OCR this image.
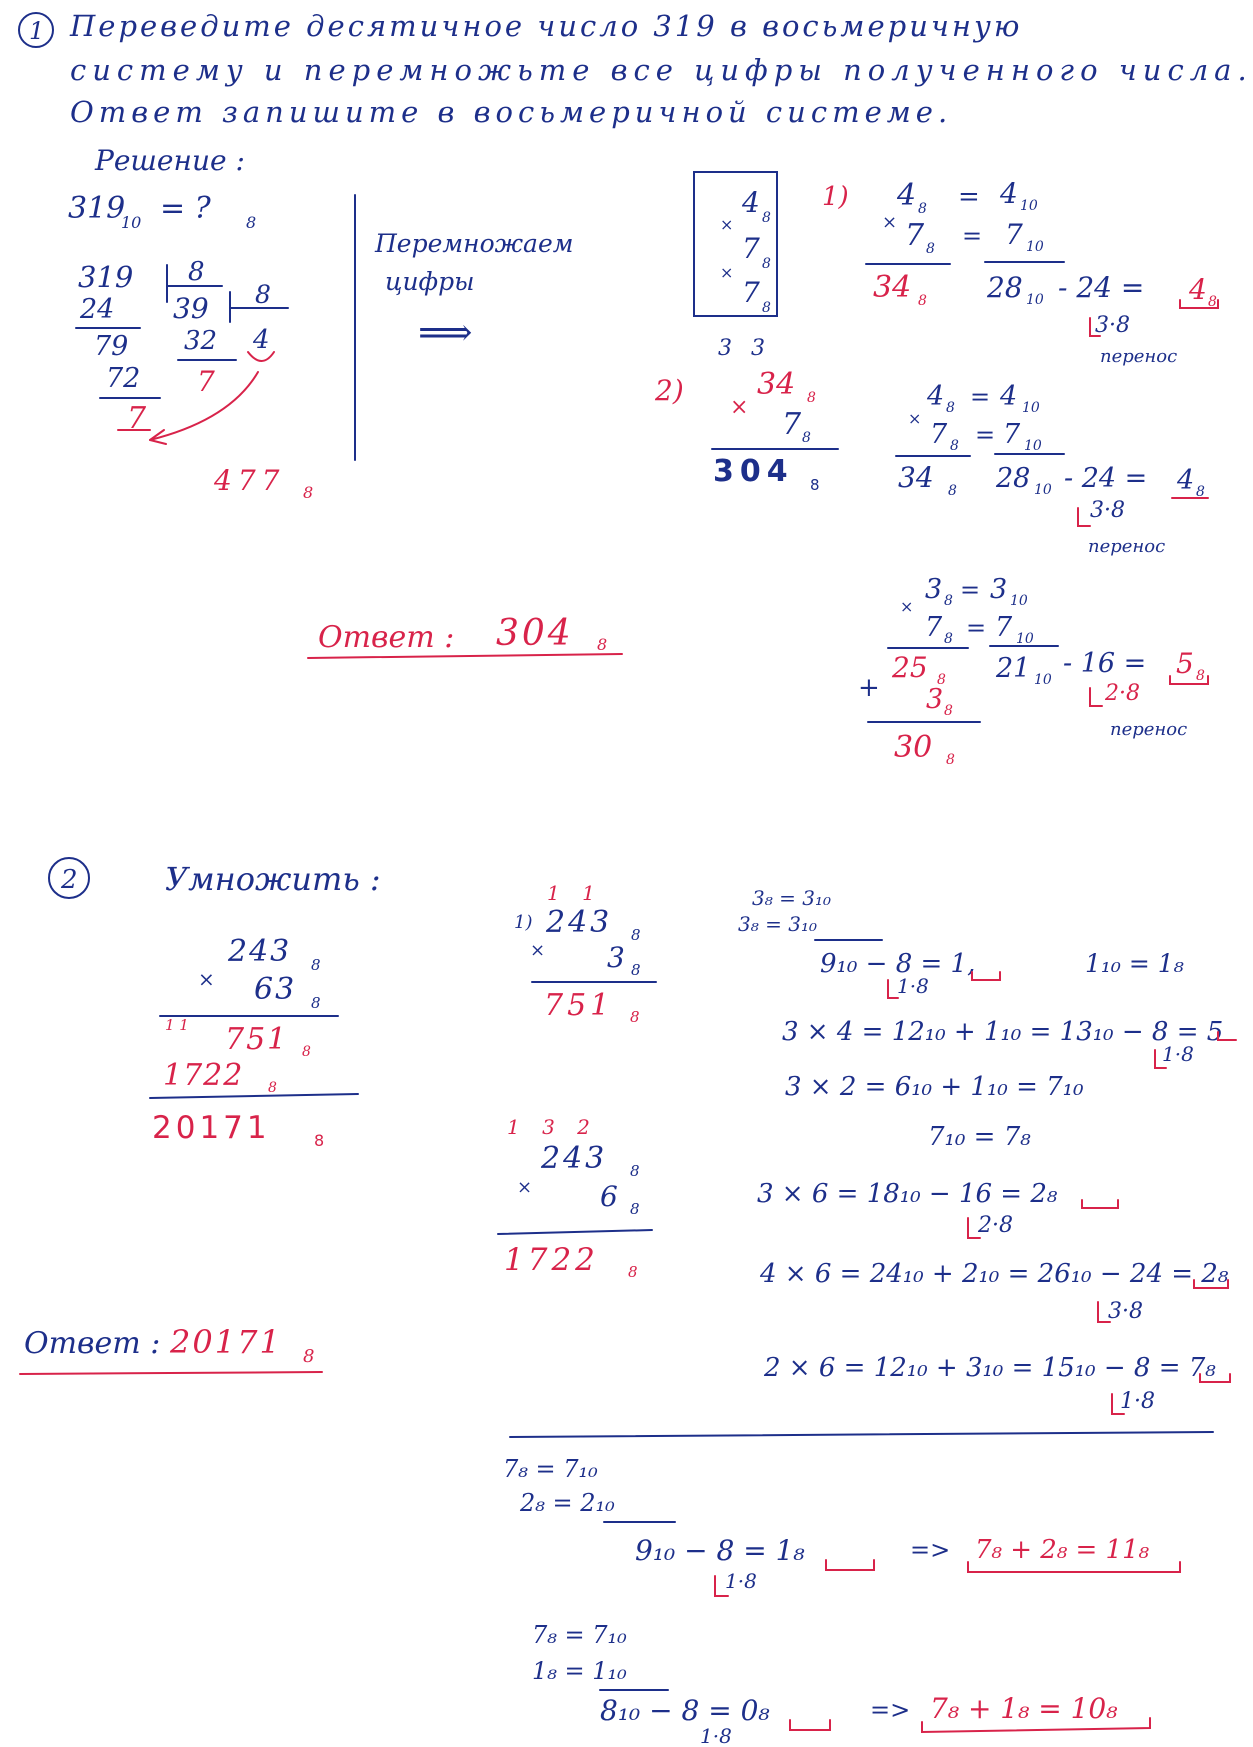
1 Переведите десятичное число 319 в восьмеричную
систему и перемножьте все цифры полученного числа.
Ответ запишите в восьмеричной системе.
Решение :
319
10 = ? 8
319 8
24 39 8
79 32 4
72 7
7
477 8
Перемножаем
цифры
⟹
×
4 8
7 8
×
7 8
1) 4 8 = 4 10
× 7 8 = 7 10
34 8 28 10 - 24 = 4 8
3·8
перенос
3 3
2)
×
34 8
7 8
304 8
4 8 = 4 10
×
7 8 = 7 10
34 8 28 10 - 24 = 4 8
3·8
перенос
3 8 = 3 10
×
7 8 = 7 10
25 8 21 10
- 16 = 5 8
+ 3 8
30 8
2·8
перенос
Ответ : 304 8
2	Умножить :
243 8
× 63 8
1 1 751 8
1722 8
20171	8
1 1
1) 243 8
× 3 8
751 8
1 3 2
243 8
× 6 8
1722 8
3₈ = 3₁₀
3₈ = 3₁₀
9₁₀ − 8 = 1,	1₁₀ = 1₈
1·8
3 × 4 = 12₁₀ + 1₁₀ = 13₁₀ − 8 = 5
1·8
3 × 2 = 6₁₀ + 1₁₀ = 7₁₀
7₁₀ = 7₈
3 × 6 = 18₁₀ − 16 = 2₈
2·8
4 × 6 = 24₁₀ + 2₁₀ = 26₁₀ − 24 = 2₈
3·8
2 × 6 = 12₁₀ + 3₁₀ = 15₁₀ − 8 = 7₈
1·8
7₈ = 7₁₀
2₈ = 2₁₀
9₁₀ − 8 = 1₈
1·8
=> 7₈ + 2₈ = 11₈
7₈ = 7₁₀
1₈ = 1₁₀
8₁₀ − 8 = 0₈
1·8
=> 7₈ + 1₈ = 10₈
Ответ : 20171 8
